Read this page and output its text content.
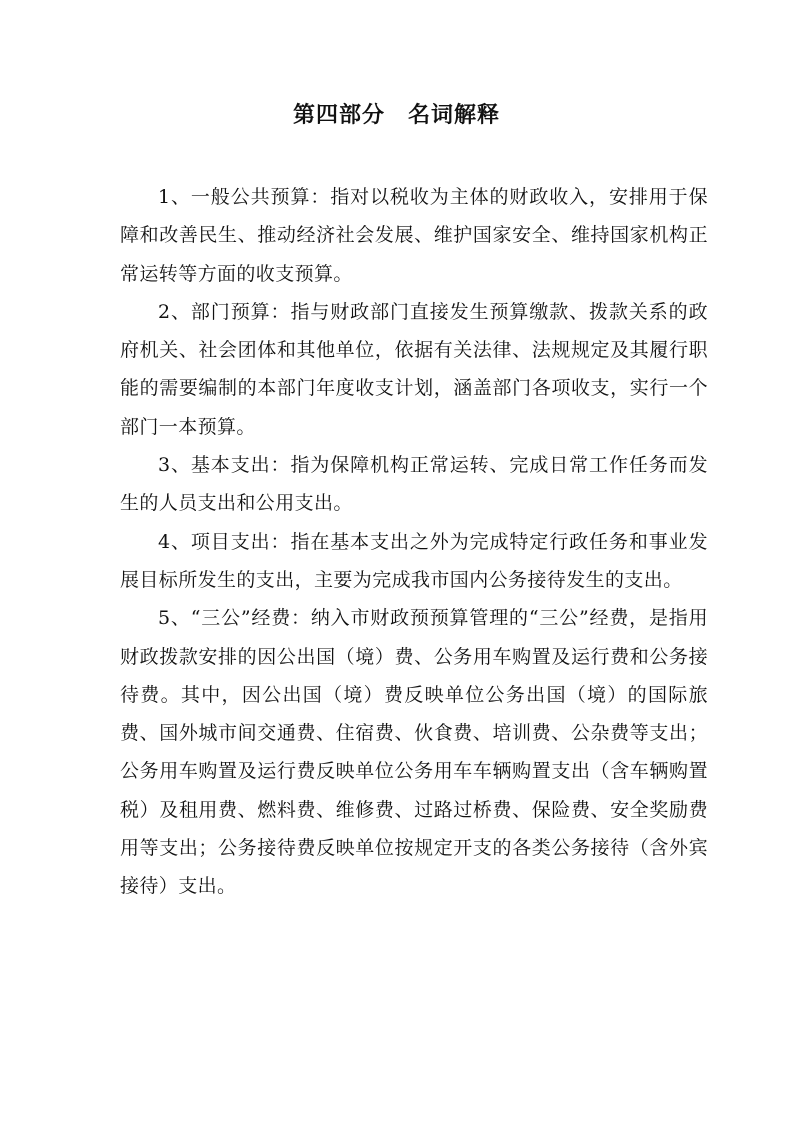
第四部分　名词解释

1、一般公共预算：指对以税收为主体的财政收入，安排用于保障和改善民生、推动经济社会发展、维护国家安全、维持国家机构正常运转等方面的收支预算。

2、部门预算：指与财政部门直接发生预算缴款、拨款关系的政府机关、社会团体和其他单位，依据有关法律、法规规定及其履行职能的需要编制的本部门年度收支计划，涵盖部门各项收支，实行一个部门一本预算。

3、基本支出：指为保障机构正常运转、完成日常工作任务而发生的人员支出和公用支出。

4、项目支出：指在基本支出之外为完成特定行政任务和事业发展目标所发生的支出，主要为完成我市国内公务接待发生的支出。

5、“三公”经费：纳入市财政预预算管理的“三公”经费，是指用财政拨款安排的因公出国（境）费、公务用车购置及运行费和公务接待费。其中，因公出国（境）费反映单位公务出国（境）的国际旅费、国外城市间交通费、住宿费、伙食费、培训费、公杂费等支出；公务用车购置及运行费反映单位公务用车车辆购置支出（含车辆购置税）及租用费、燃料费、维修费、过路过桥费、保险费、安全奖励费用等支出；公务接待费反映单位按规定开支的各类公务接待（含外宾接待）支出。
